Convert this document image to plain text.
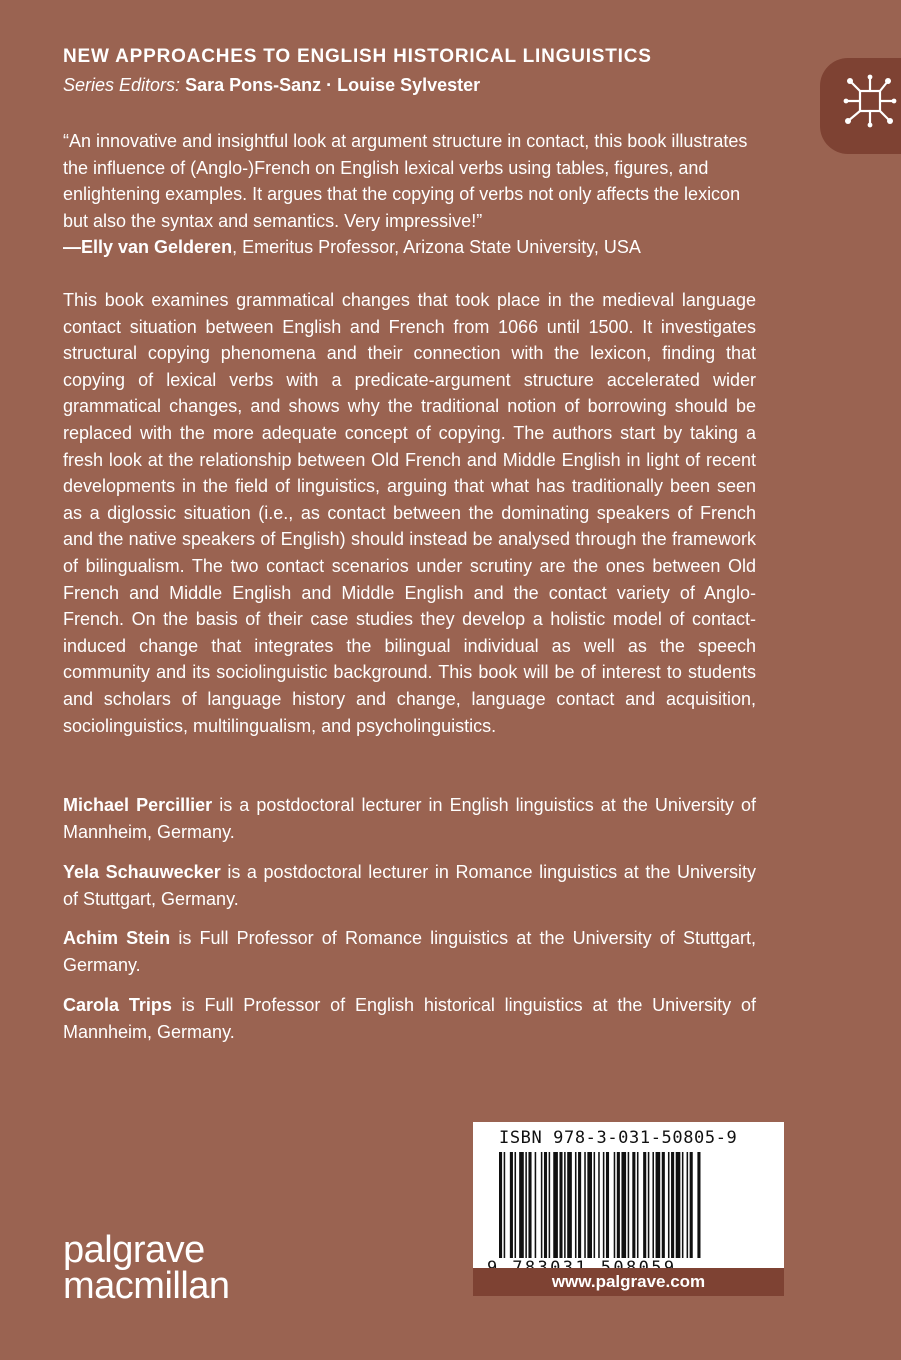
NEW APPROACHES TO ENGLISH HISTORICAL LINGUISTICS
Series Editors: Sara Pons-Sanz · Louise Sylvester
“An innovative and insightful look at argument structure in contact, this book illustrates the influence of (Anglo-)French on English lexical verbs using tables, figures, and enlightening examples. It argues that the copying of verbs not only affects the lexicon but also the syntax and semantics. Very impressive!”
—Elly van Gelderen, Emeritus Professor, Arizona State University, USA

This book examines grammatical changes that took place in the medieval language contact situation between English and French from 1066 until 1500. It investigates structural copying phenomena and their connection with the lexicon, finding that copying of lexical verbs with a predicate-argument structure accelerated wider grammatical changes, and shows why the traditional notion of borrowing should be replaced with the more adequate concept of copying. The authors start by taking a fresh look at the relationship between Old French and Middle English in light of recent developments in the field of linguistics, arguing that what has traditionally been seen as a diglossic situation (i.e., as contact between the dominating speakers of French and the native speakers of English) should instead be analysed through the framework of bilingualism. The two contact scenarios under scrutiny are the ones between Old French and Middle English and Middle English and the contact variety of Anglo-French. On the basis of their case studies they develop a holistic model of contact-induced change that integrates the bilingual individual as well as the speech community and its sociolinguistic background. This book will be of interest to students and scholars of language history and change, language contact and acquisition, sociolinguistics, multilingualism, and psycholinguistics.

Michael Percillier is a postdoctoral lecturer in English linguistics at the University of Mannheim, Germany.

Yela Schauwecker is a postdoctoral lecturer in Romance linguistics at the University of Stuttgart, Germany.

Achim Stein is Full Professor of Romance linguistics at the University of Stuttgart, Germany.

Carola Trips is Full Professor of English historical linguistics at the University of Mannheim, Germany.

palgrave
macmillan
ISBN 978-3-031-50805-9
www.palgrave.com
